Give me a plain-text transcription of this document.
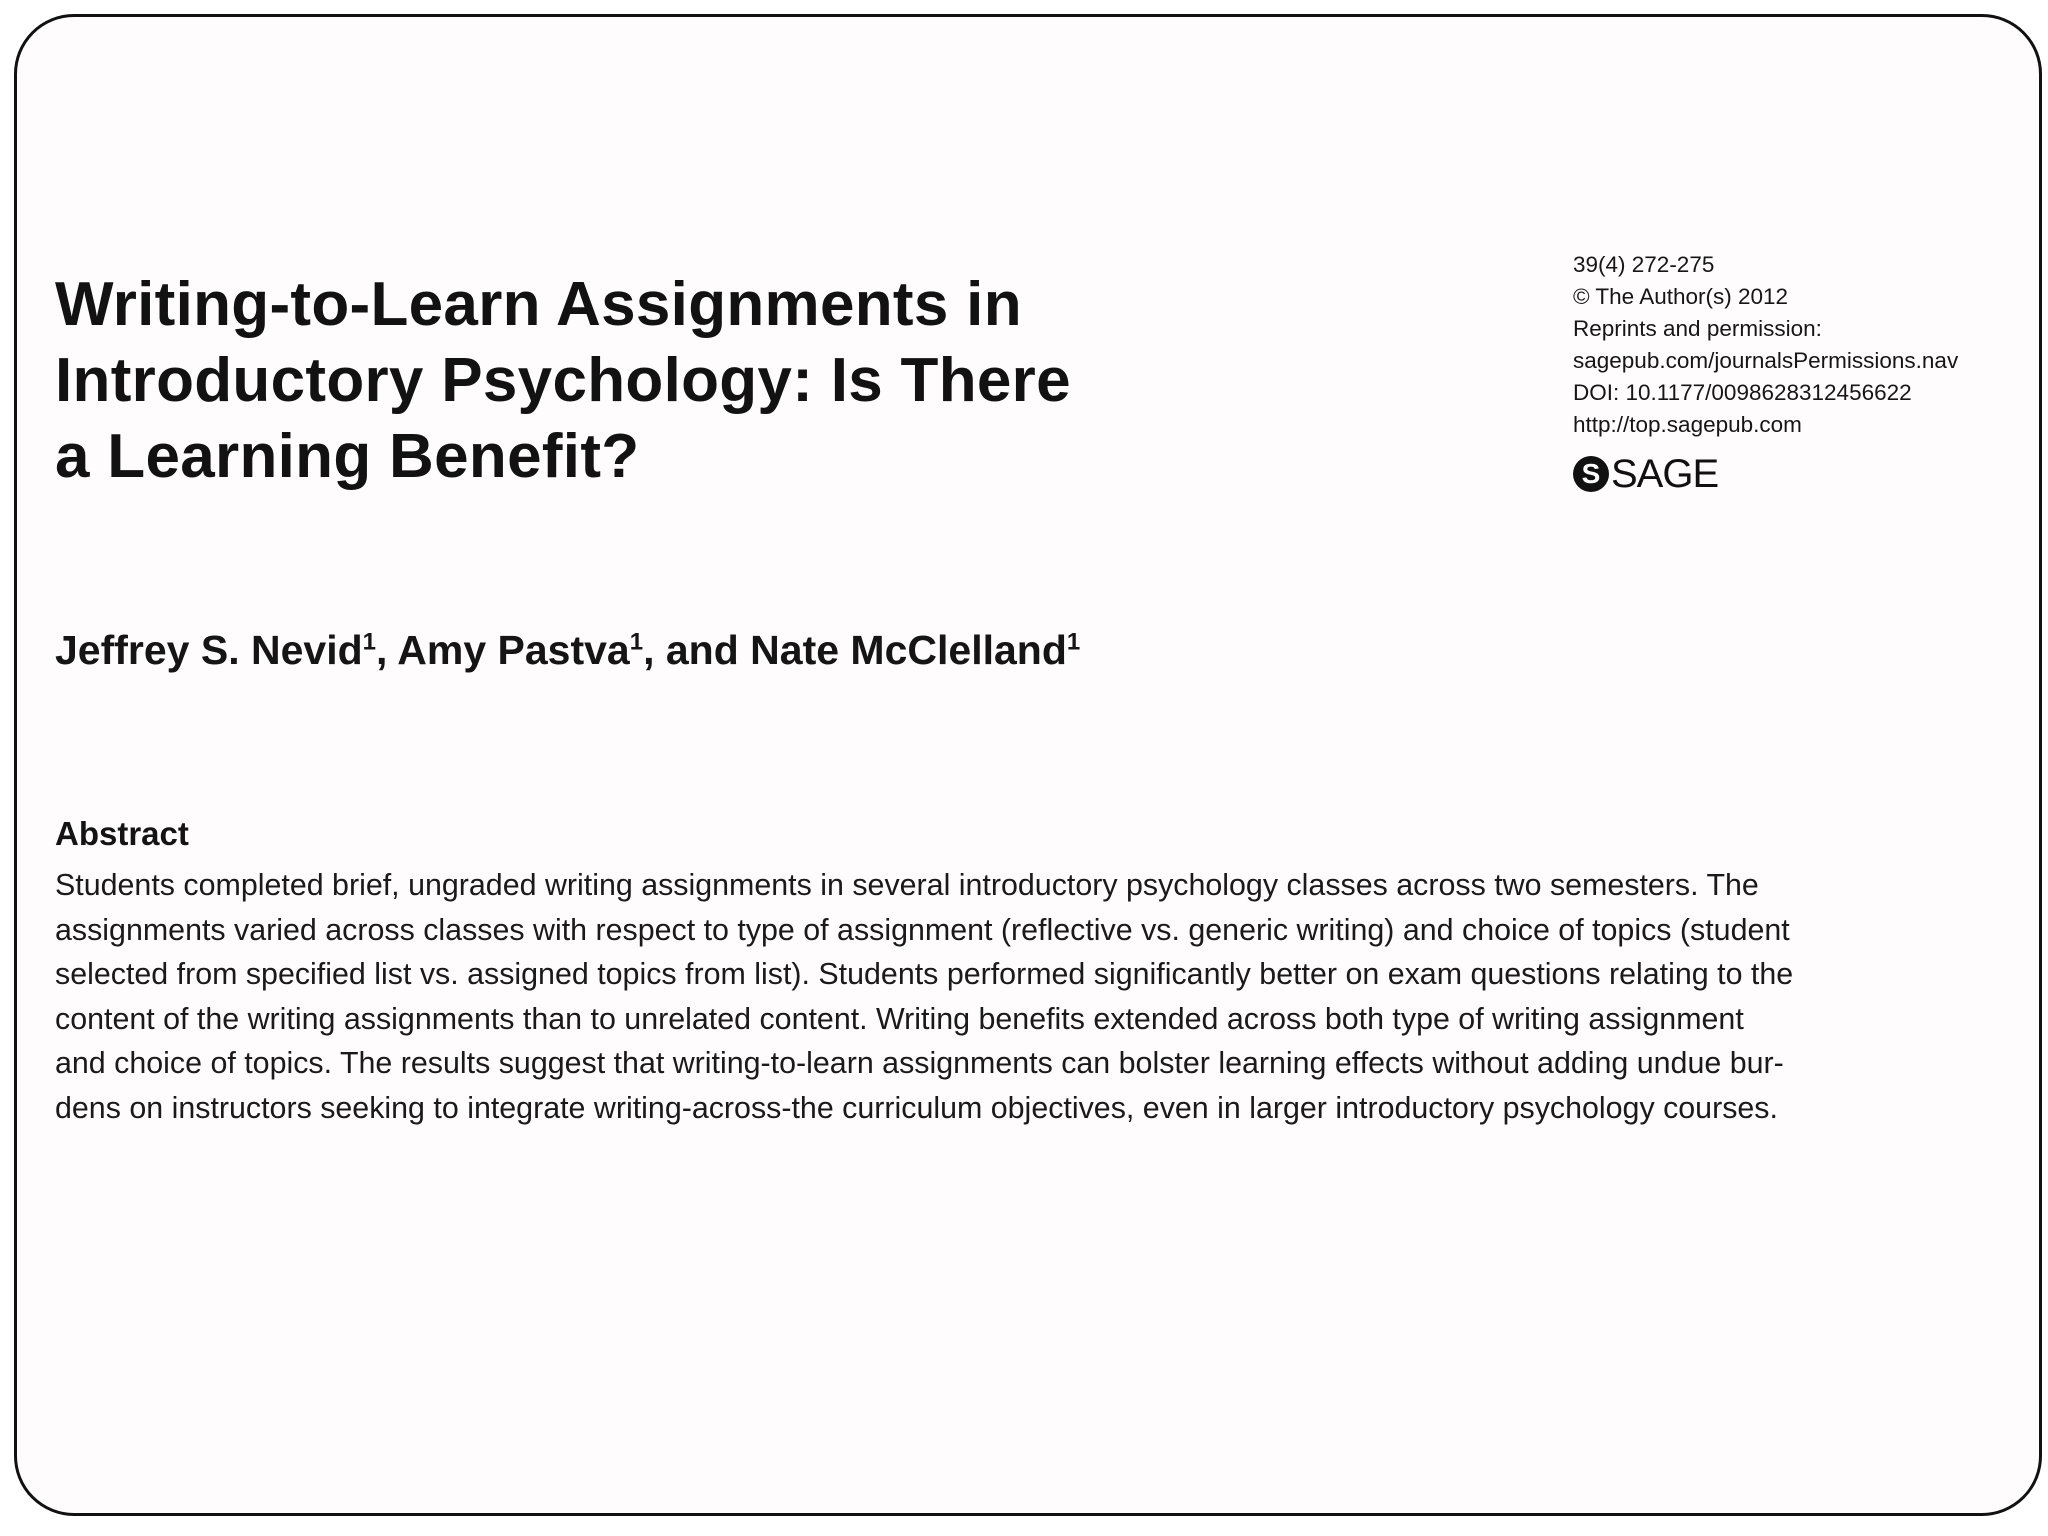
Writing-to-Learn Assignments in
Introductory Psychology: Is There
a Learning Benefit?
39(4) 272-275
© The Author(s) 2012
Reprints and permission:
sagepub.com/journalsPermissions.nav
DOI: 10.1177/0098628312456622
http://top.sagepub.com
S SAGE
Jeffrey S. Nevid$^1$, Amy Pastva$^1$, and Nate McClelland$^1$
Abstract
Students completed brief, ungraded writing assignments in several introductory psychology classes across two semesters. The
assignments varied across classes with respect to type of assignment (reflective vs. generic writing) and choice of topics (student
selected from specified list vs. assigned topics from list). Students performed significantly better on exam questions relating to the
content of the writing assignments than to unrelated content. Writing benefits extended across both type of writing assignment
and choice of topics. The results suggest that writing-to-learn assignments can bolster learning effects without adding undue bur-
dens on instructors seeking to integrate writing-across-the curriculum objectives, even in larger introductory psychology courses.
